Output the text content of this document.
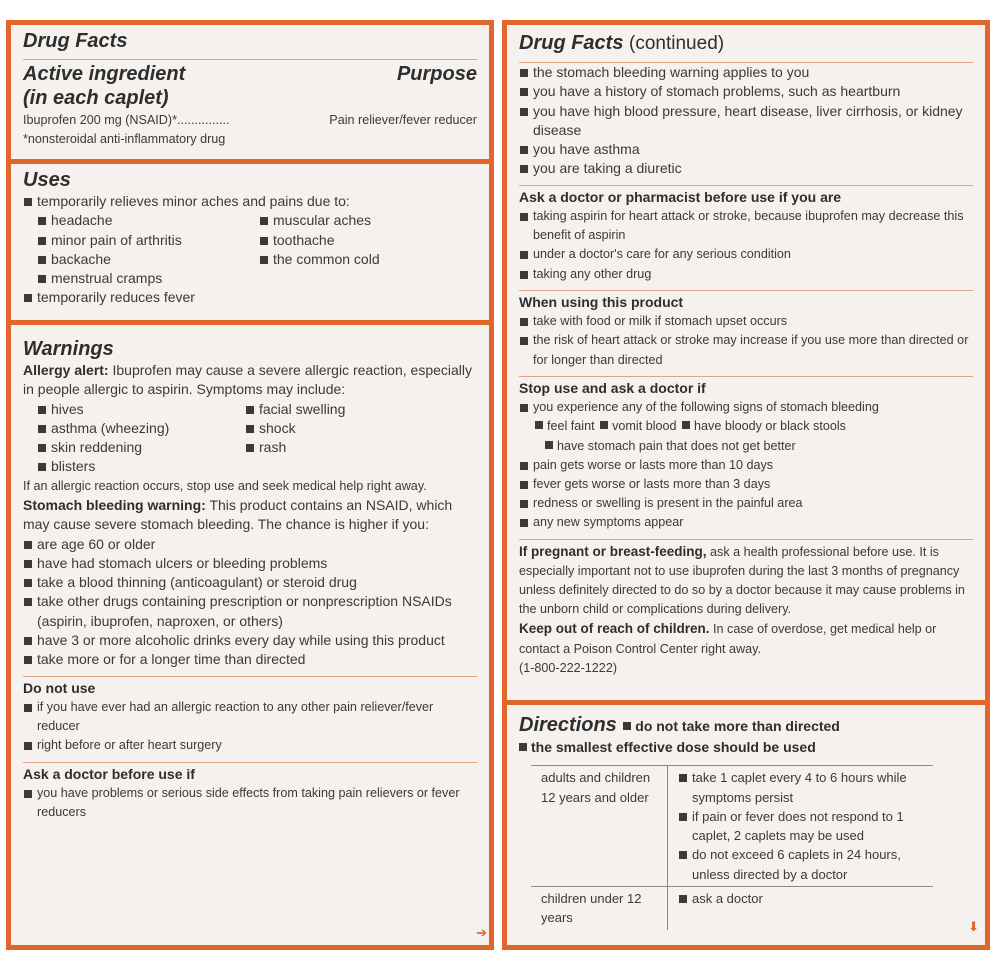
Drug Facts
Active ingredient
(in each caplet)
Purpose
Ibuprofen 200 mg (NSAID)*...............	Pain reliever/fever reducer
*nonsteroidal anti-inflammatory drug
Uses
temporarily relieves minor aches and pains due to:
headache
minor pain of arthritis
backache
menstrual cramps
muscular aches
toothache
the common cold
temporarily reduces fever
Warnings
Allergy alert: Ibuprofen may cause a severe allergic reaction, especially in people allergic to aspirin. Symptoms may include:
hives
asthma (wheezing)
skin reddening
blisters
facial swelling
shock
rash
If an allergic reaction occurs, stop use and seek medical help right away.
Stomach bleeding warning: This product contains an NSAID, which may cause severe stomach bleeding. The chance is higher if you:
are age 60 or older
have had stomach ulcers or bleeding problems
take a blood thinning (anticoagulant) or steroid drug
take other drugs containing prescription or nonprescription NSAIDs (aspirin, ibuprofen, naproxen, or others)
have 3 or more alcoholic drinks every day while using this product
take more or for a longer time than directed
Do not use
if you have ever had an allergic reaction to any other pain reliever/fever reducer
right before or after heart surgery
Ask a doctor before use if
you have problems or serious side effects from taking pain relievers or fever reducers
➔
Drug Facts (continued)
the stomach bleeding warning applies to you
you have a history of stomach problems, such as heartburn
you have high blood pressure, heart disease, liver cirrhosis, or kidney disease
you have asthma
you are taking a diuretic
Ask a doctor or pharmacist before use if you are
taking aspirin for heart attack or stroke, because ibuprofen may decrease this benefit of aspirin
under a doctor's care for any serious condition
taking any other drug
When using this product
take with food or milk if stomach upset occurs
the risk of heart attack or stroke may increase if you use more than directed or for longer than directed
Stop use and ask a doctor if
you experience any of the following signs of stomach bleeding
feel faint vomit blood have bloody or black stools
have stomach pain that does not get better
pain gets worse or lasts more than 10 days
fever gets worse or lasts more than 3 days
redness or swelling is present in the painful area
any new symptoms appear
If pregnant or breast-feeding, ask a health professional before use. It is especially important not to use ibuprofen during the last 3 months of pregnancy unless definitely directed to do so by a doctor because it may cause problems in the unborn child or complications during delivery.
Keep out of reach of children. In case of overdose, get medical help or contact a Poison Control Center right away.
(1-800-222-1222)
Directions do not take more than directed
the smallest effective dose should be used
adults and children 12 years and older	take 1 caplet every 4 to 6 hours while symptoms persist
if pain or fever does not respond to 1 caplet, 2 caplets may be used
do not exceed 6 caplets in 24 hours, unless directed by a doctor

children under 12 years	ask a doctor
⬇
